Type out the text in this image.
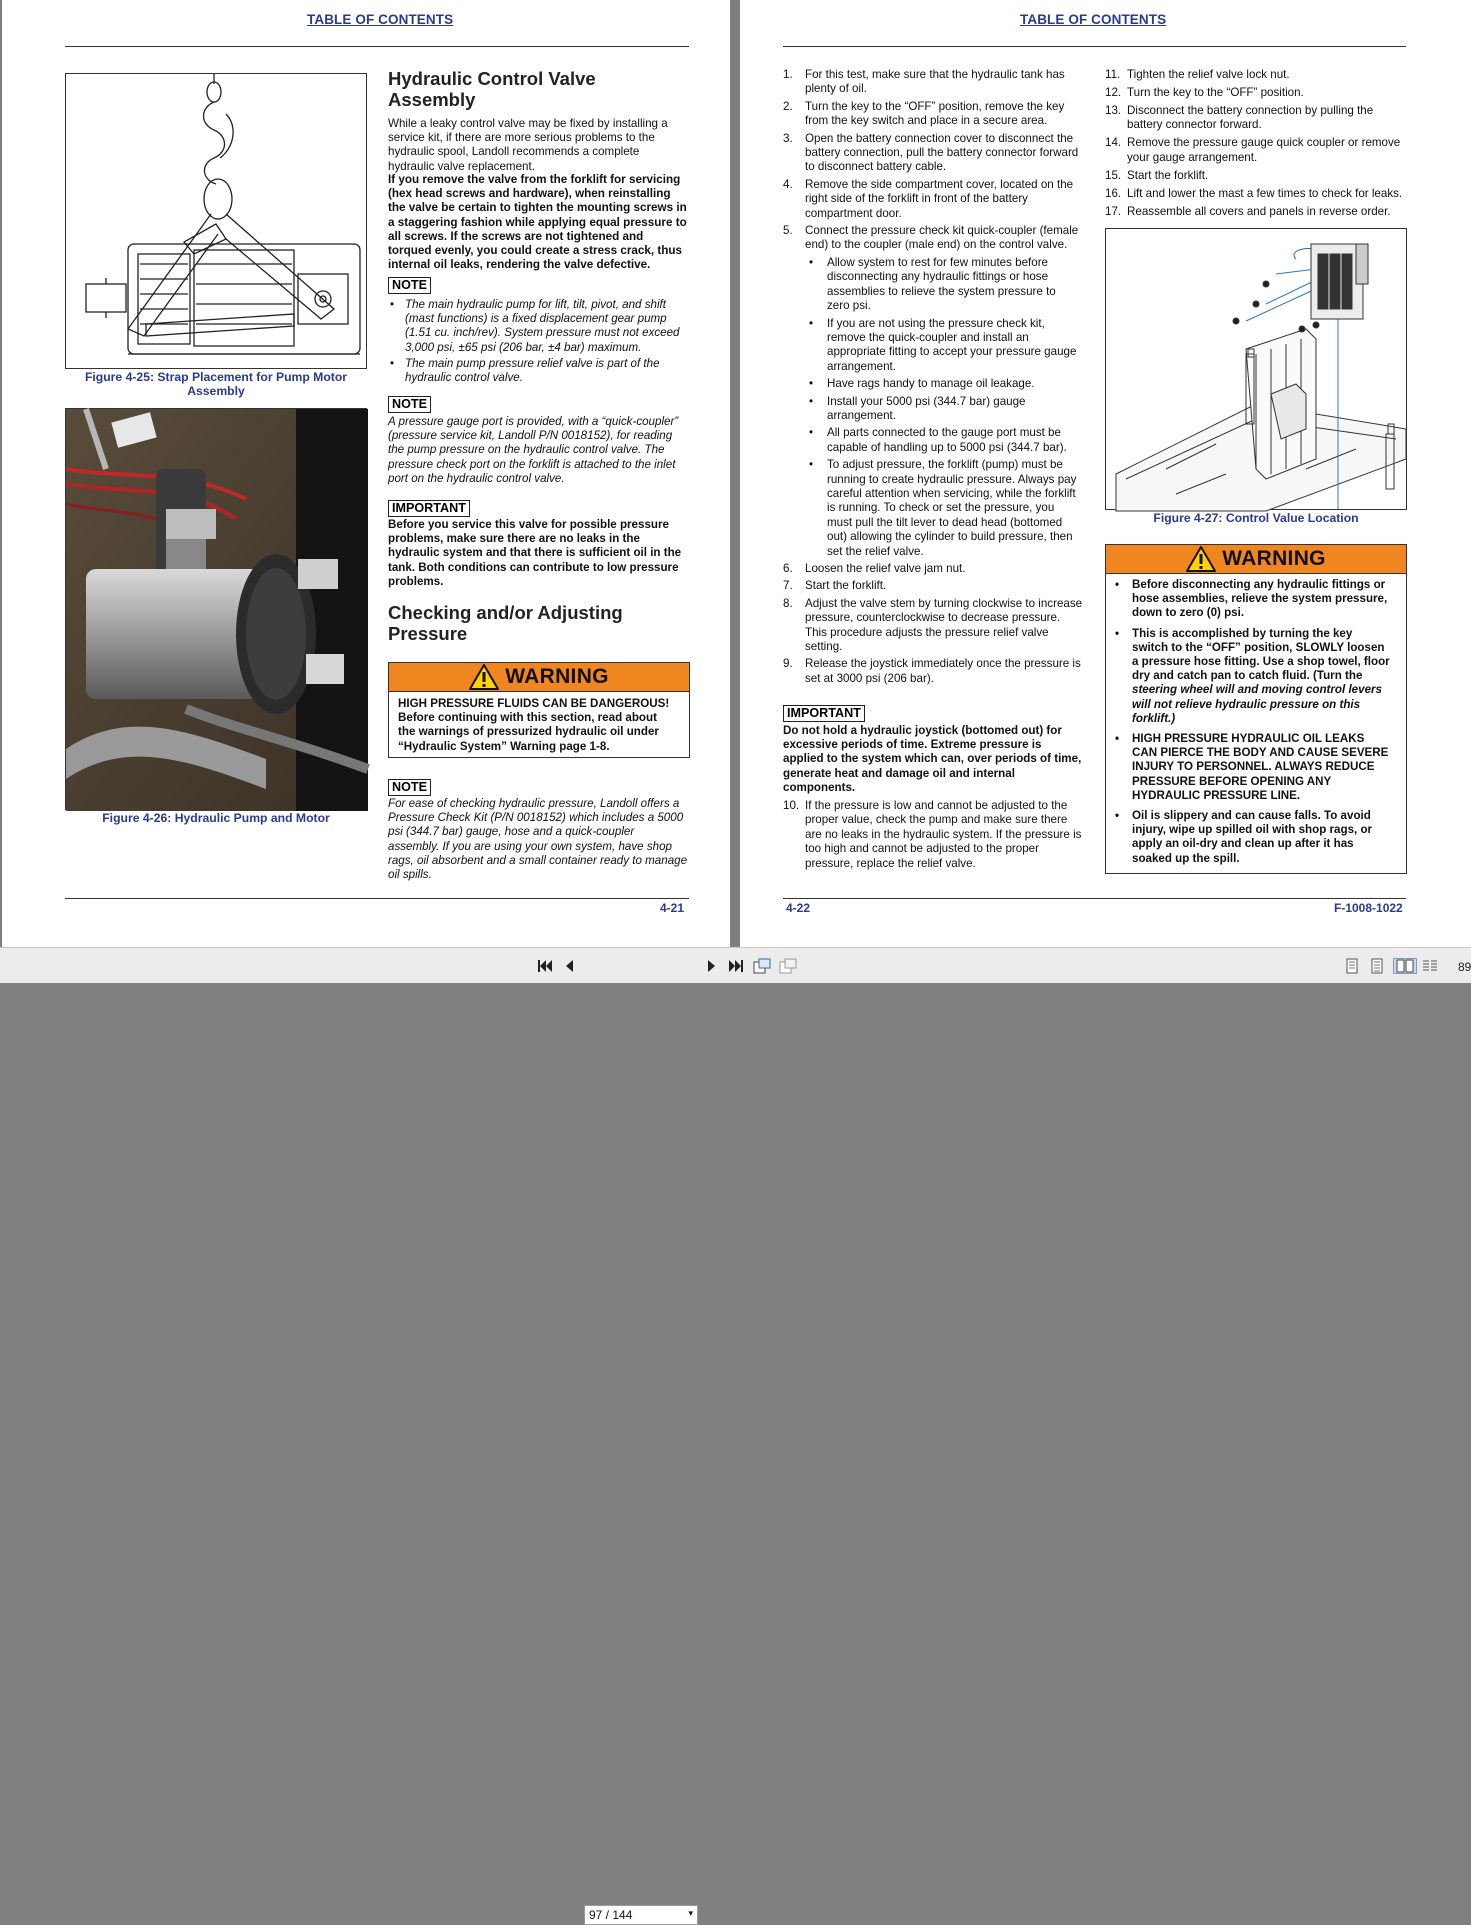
TABLE OF CONTENTS
Figure 4-25: Strap Placement for Pump Motor
Assembly
Figure 4-26: Hydraulic Pump and Motor
Hydraulic Control Valve
Assembly
While a leaky control valve may be fixed by installing a
service kit, if there are more serious problems to the
hydraulic spool, Landoll recommends a complete
hydraulic valve replacement.
If you remove the valve from the forklift for servicing
(hex head screws and hardware), when reinstalling
the valve be certain to tighten the mounting screws in
a staggering fashion while applying equal pressure to
all screws. If the screws are not tightened and
torqued evenly, you could create a stress crack, thus
internal oil leaks, rendering the valve defective.
NOTE
• The main hydraulic pump for lift, tilt, pivot, and shift
(mast functions) is a fixed displacement gear pump
(1.51 cu. inch/rev). System pressure must not exceed
3,000 psi, ±65 psi (206 bar, ±4 bar) maximum.
• The main pump pressure relief valve is part of the
hydraulic control valve.
NOTE
A pressure gauge port is provided, with a “quick-coupler”
(pressure service kit, Landoll P/N 0018152), for reading
the pump pressure on the hydraulic control valve. The
pressure check port on the forklift is attached to the inlet
port on the hydraulic control valve.
IMPORTANT
Before you service this valve for possible pressure
problems, make sure there are no leaks in the
hydraulic system and that there is sufficient oil in the
tank. Both conditions can contribute to low pressure
problems.
Checking and/or Adjusting
Pressure
WARNING
HIGH PRESSURE FLUIDS CAN BE DANGEROUS!
Before continuing with this section, read about
the warnings of pressurized hydraulic oil under
“Hydraulic System” Warning page 1-8.
NOTE
For ease of checking hydraulic pressure, Landoll offers a
Pressure Check Kit (P/N 0018152) which includes a 5000
psi (344.7 bar) gauge, hose and a quick-coupler
assembly. If you are using your own system, have shop
rags, oil absorbent and a small container ready to manage
oil spills.
4-21
TABLE OF CONTENTS
1. For this test, make sure that the hydraulic tank has
plenty of oil.
2. Turn the key to the “OFF” position, remove the key
from the key switch and place in a secure area.
3. Open the battery connection cover to disconnect the
battery connection, pull the battery connector forward
to disconnect battery cable.
4. Remove the side compartment cover, located on the
right side of the forklift in front of the battery
compartment door.
5. Connect the pressure check kit quick-coupler (female
end) to the coupler (male end) on the control valve.
• Allow system to rest for few minutes before
disconnecting any hydraulic fittings or hose
assemblies to relieve the system pressure to
zero psi.
• If you are not using the pressure check kit,
remove the quick-coupler and install an
appropriate fitting to accept your pressure gauge
arrangement.
• Have rags handy to manage oil leakage.
• Install your 5000 psi (344.7 bar) gauge
arrangement.
• All parts connected to the gauge port must be
capable of handling up to 5000 psi (344.7 bar).
• To adjust pressure, the forklift (pump) must be
running to create hydraulic pressure. Always pay
careful attention when servicing, while the forklift
is running. To check or set the pressure, you
must pull the tilt lever to dead head (bottomed
out) allowing the cylinder to build pressure, then
set the relief valve.
6. Loosen the relief valve jam nut.
7. Start the forklift.
8. Adjust the valve stem by turning clockwise to increase
pressure, counterclockwise to decrease pressure.
This procedure adjusts the pressure relief valve
setting.
9. Release the joystick immediately once the pressure is
set at 3000 psi (206 bar).
IMPORTANT
Do not hold a hydraulic joystick (bottomed out) for
excessive periods of time. Extreme pressure is
applied to the system which can, over periods of time,
generate heat and damage oil and internal
components.
10. If the pressure is low and cannot be adjusted to the
proper value, check the pump and make sure there
are no leaks in the hydraulic system. If the pressure is
too high and cannot be adjusted to the proper
pressure, replace the relief valve.
11. Tighten the relief valve lock nut.
12. Turn the key to the “OFF” position.
13. Disconnect the battery connection by pulling the
battery connector forward.
14. Remove the pressure gauge quick coupler or remove
your gauge arrangement.
15. Start the forklift.
16. Lift and lower the mast a few times to check for leaks.
17. Reassemble all covers and panels in reverse order.
Figure 4-27: Control Value Location
WARNING
• Before disconnecting any hydraulic fittings or
hose assemblies, relieve the system pressure,
down to zero (0) psi.
• This is accomplished by turning the key
switch to the “OFF” position, SLOWLY loosen
a pressure hose fitting. Use a shop towel, floor
dry and catch pan to catch fluid. (Turn the
steering wheel will and moving control levers
will not relieve hydraulic pressure on this
forklift.)
• HIGH PRESSURE HYDRAULIC OIL LEAKS
CAN PIERCE THE BODY AND CAUSE SEVERE
INJURY TO PERSONNEL. ALWAYS REDUCE
PRESSURE BEFORE OPENING ANY
HYDRAULIC PRESSURE LINE.
• Oil is slippery and can cause falls. To avoid
injury, wipe up spilled oil with shop rags, or
apply an oil-dry and clean up after it has
soaked up the spill.
4-22	F-1008-1022
97 / 144	▾
89
